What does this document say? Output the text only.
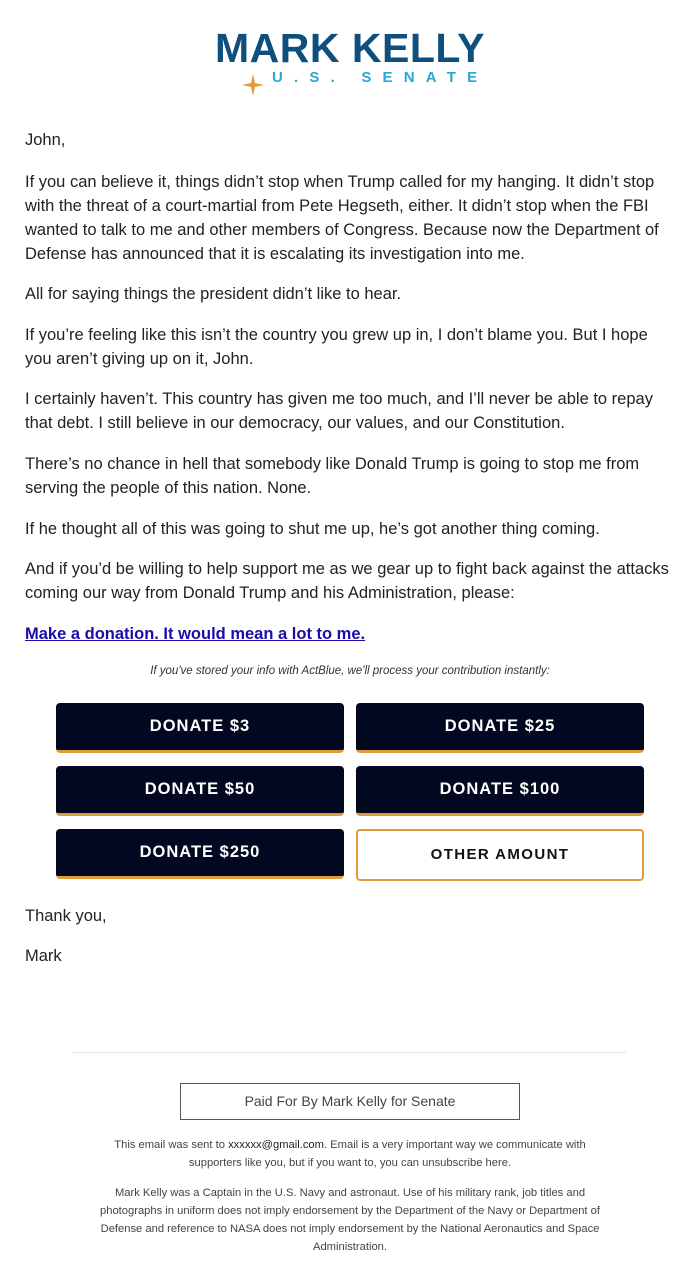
MARK KELLY
U.S. SENATE
John,
If you can believe it, things didn’t stop when Trump called for my hanging. It didn’t stop with the threat of a court-martial from Pete Hegseth, either. It didn’t stop when the FBI wanted to talk to me and other members of Congress. Because now the Department of Defense has announced that it is escalating its investigation into me.
All for saying things the president didn’t like to hear.
If you’re feeling like this isn’t the country you grew up in, I don’t blame you. But I hope you aren’t giving up on it, John.
I certainly haven’t. This country has given me too much, and I’ll never be able to repay that debt. I still believe in our democracy, our values, and our Constitution.
There’s no chance in hell that somebody like Donald Trump is going to stop me from serving the people of this nation. None.
If he thought all of this was going to shut me up, he’s got another thing coming.
And if you’d be willing to help support me as we gear up to fight back against the attacks coming our way from Donald Trump and his Administration, please:
Make a donation. It would mean a lot to me.
If you've stored your info with ActBlue, we'll process your contribution instantly:
DONATE $3	DONATE $25
DONATE $50	DONATE $100
DONATE $250	OTHER AMOUNT
Thank you,
Mark
Paid For By Mark Kelly for Senate
This email was sent to xxxxxx@gmail.com. Email is a very important way we communicate with supporters like you, but if you want to, you can unsubscribe here.
Mark Kelly was a Captain in the U.S. Navy and astronaut. Use of his military rank, job titles and photographs in uniform does not imply endorsement by the Department of the Navy or Department of Defense and reference to NASA does not imply endorsement by the National Aeronautics and Space Administration.
